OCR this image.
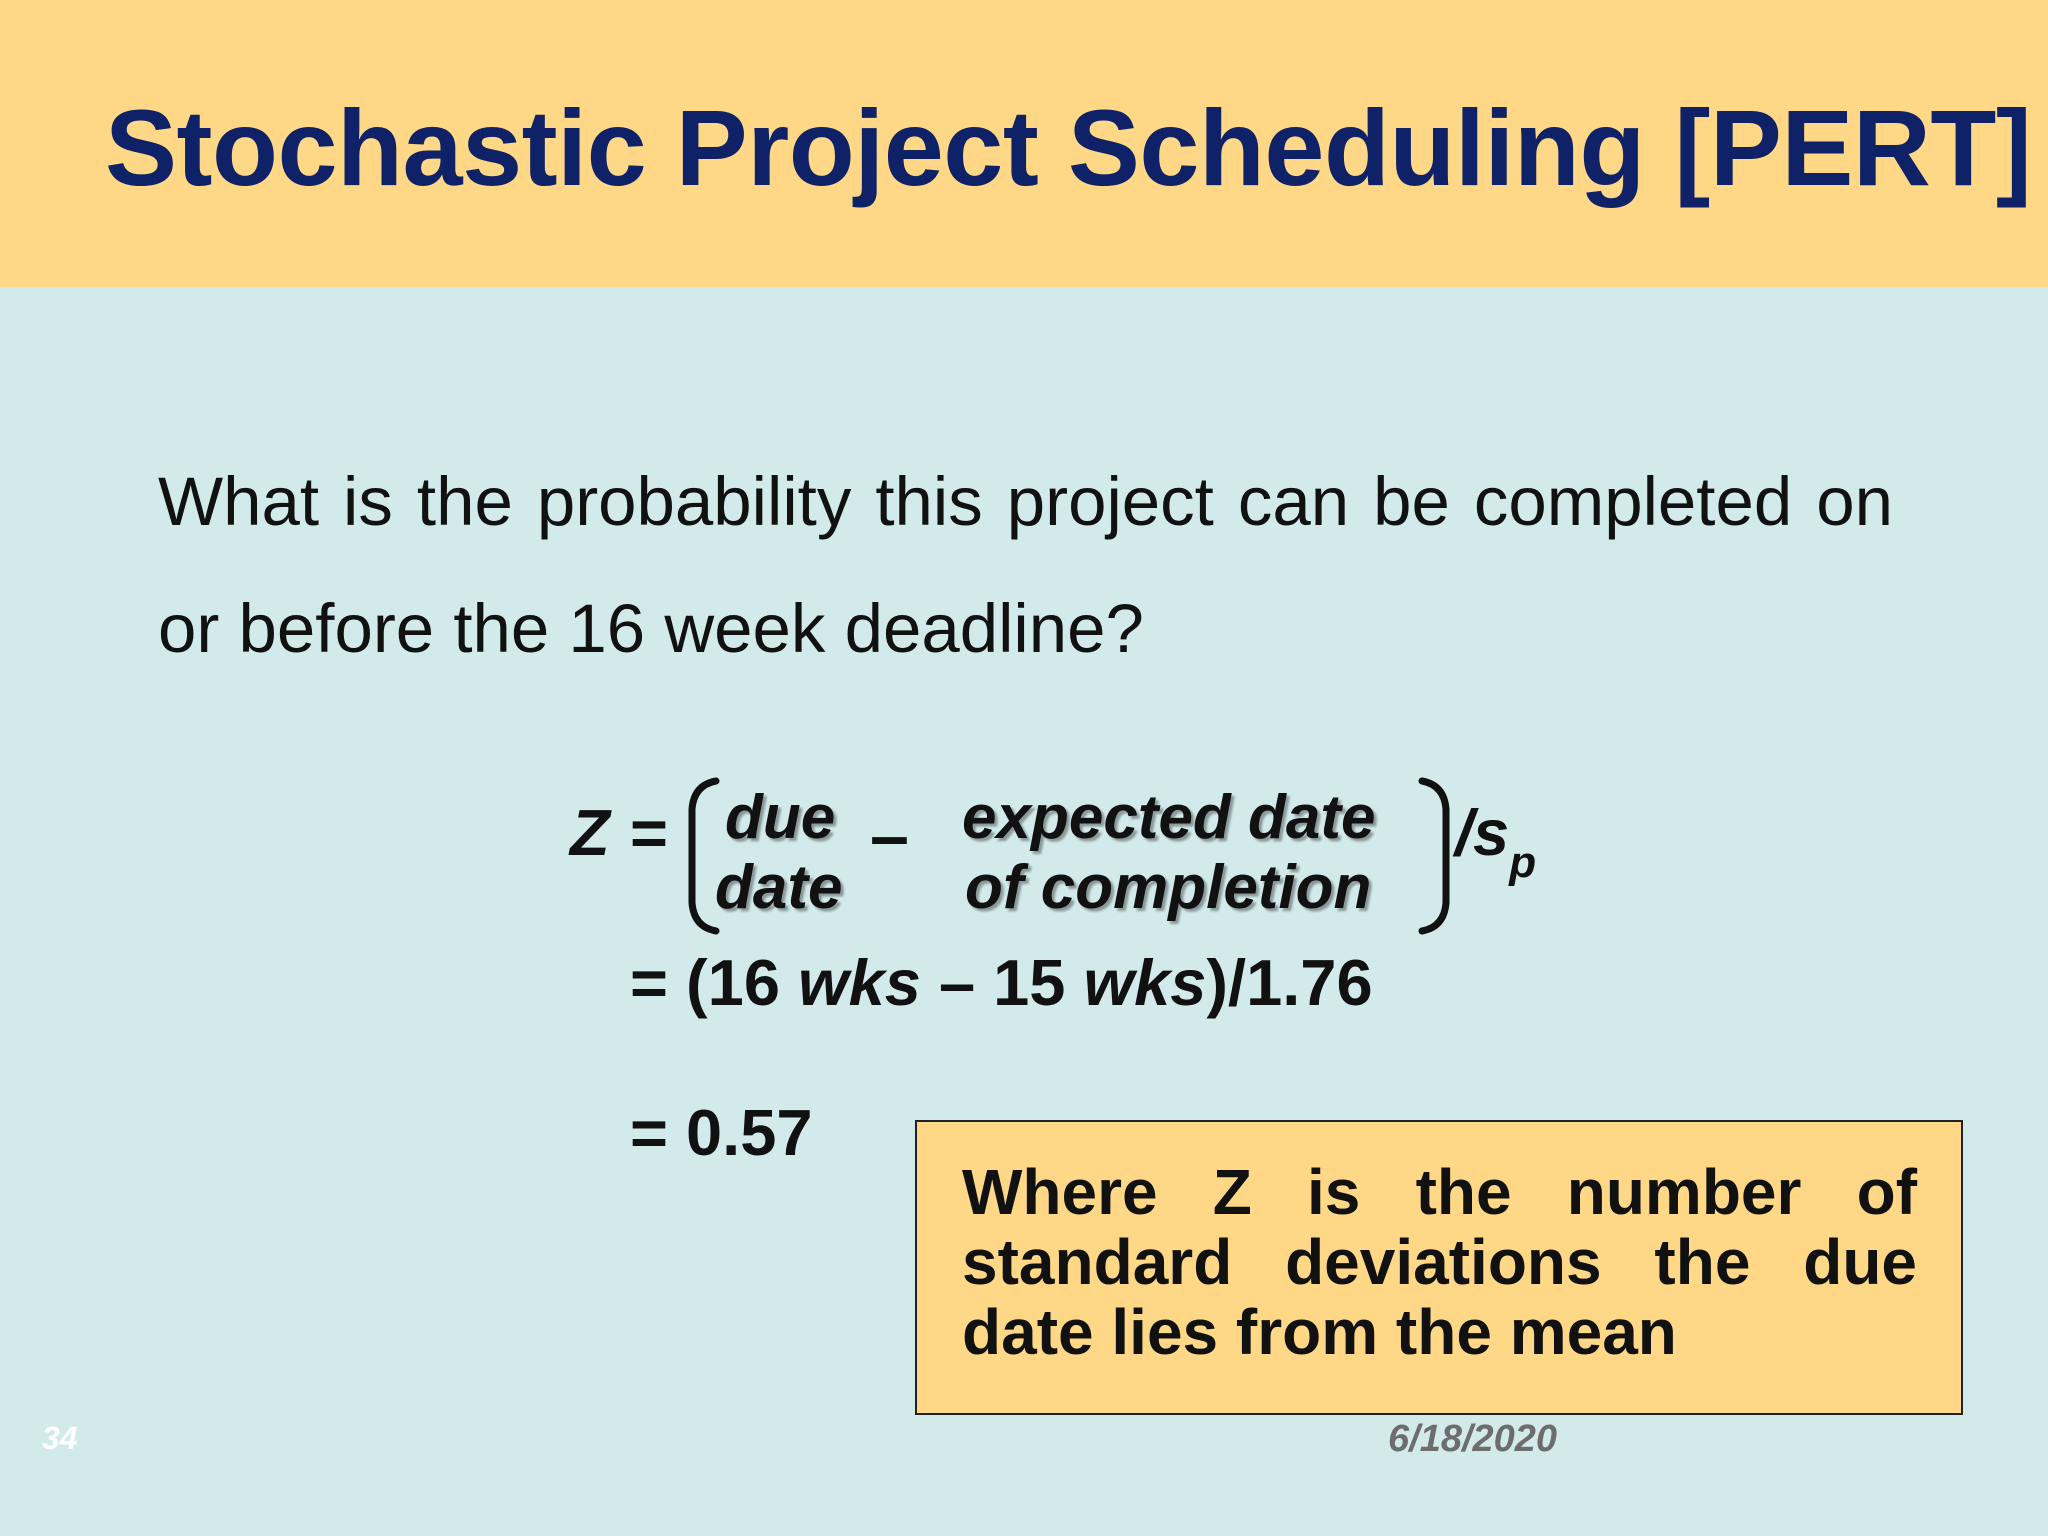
Stochastic Project Scheduling [PERT]
What is the probability this project can be completed on or before the 16 week deadline?
Z = due
date
– expected date
of completion
$/s_p$
= (16 wks – 15 wks)/1.76
= 0.57
Where Z is the number of standard deviations the due date lies from the mean
34	6/18/2020
